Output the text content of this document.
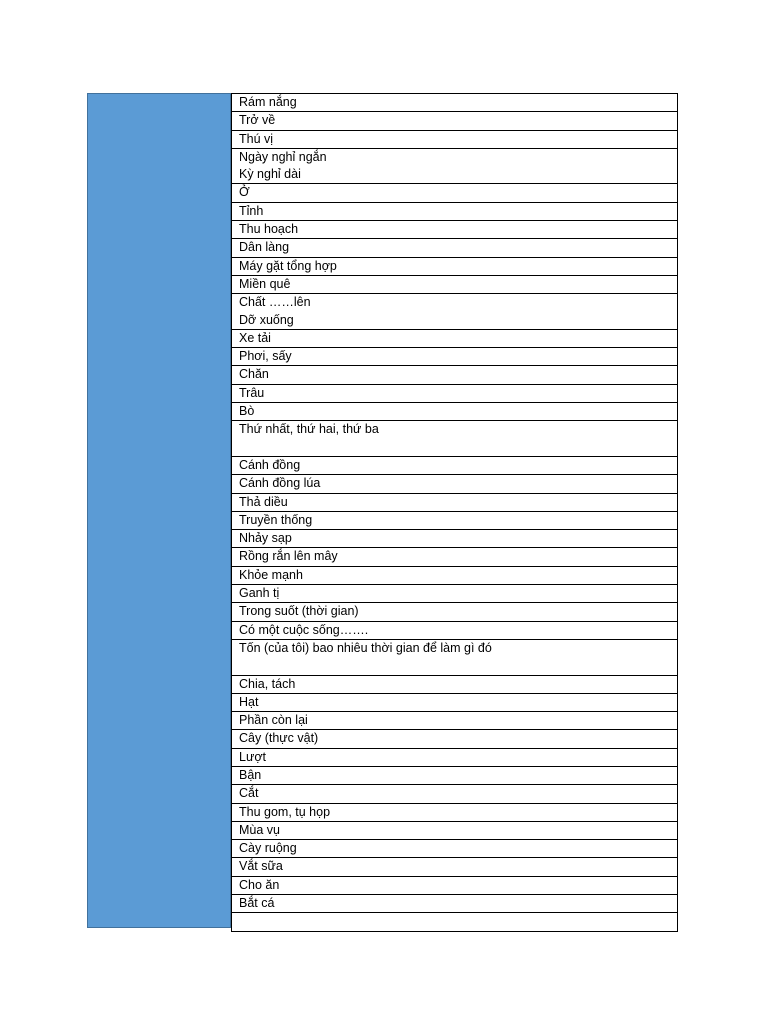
Rám nắng
Trở về
Thú vị
Ngày nghỉ ngắn
Kỳ nghỉ dài
Ở
Tỉnh
Thu hoạch
Dân làng
Máy gặt tổng hợp
Miền quê
Chất ……lên
Dỡ xuống
Xe tải
Phơi, sấy
Chăn
Trâu
Bò
Thứ nhất, thứ hai, thứ ba
Cánh đồng
Cánh đồng lúa
Thả diều
Truyền thống
Nhảy sạp
Rồng rắn lên mây
Khỏe mạnh
Ganh tị
Trong suốt (thời gian)
Có một cuộc sống…….
Tốn (của tôi) bao nhiêu thời gian để làm gì đó
Chia, tách
Hạt
Phần còn lại
Cây (thực vật)
Lượt
Bận
Cắt
Thu gom, tụ họp
Mùa vụ
Cày ruộng
Vắt sữa
Cho ăn
Bắt cá
